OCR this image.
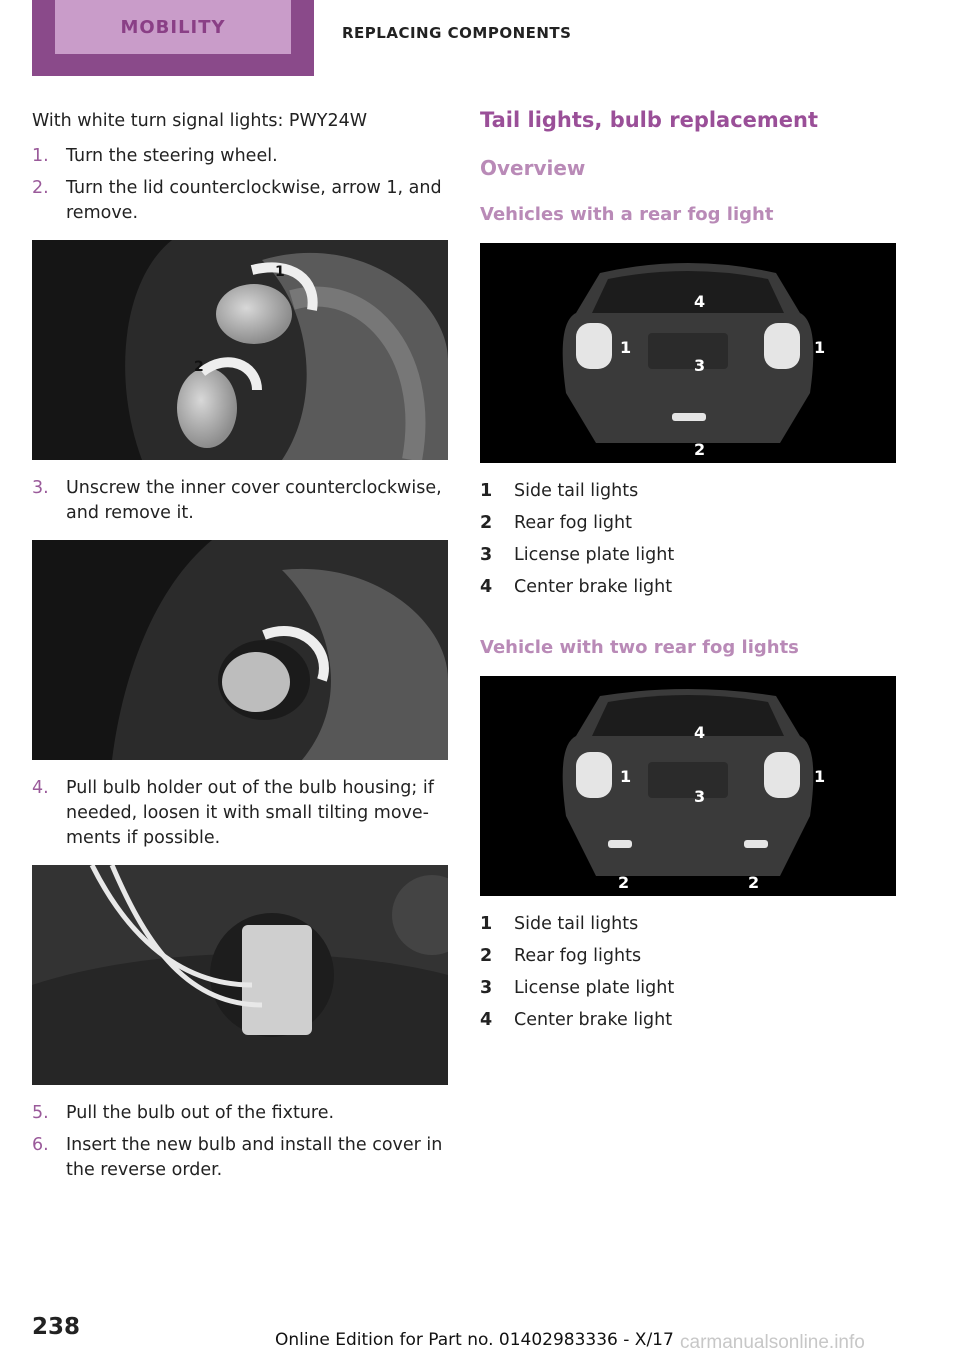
MOBILITY	REPLACING COMPONENTS

With white turn signal lights: PWY24W

1. Turn the steering wheel.
2. Turn the lid counterclockwise, arrow 1, and remove.
1
2
3. Unscrew the inner cover counterclockwise, and remove it.
4. Pull bulb holder out of the bulb housing; if needed, loosen it with small tilting move‐ments if possible.
5. Pull the bulb out of the fixture.
6. Insert the new bulb and install the cover in the reverse order.
Tail lights, bulb replacement
Overview
Vehicles with a rear fog light
1	1
2
3
4
1	Side tail lights
2	Rear fog light
3	License plate light
4	Center brake light
Vehicle with two rear fog lights
1	1
2	2
3
4
1	Side tail lights
2	Rear fog lights
3	License plate light
4	Center brake light
238	Online Edition for Part no. 01402983336 - X/17 carmanualsonline.info
